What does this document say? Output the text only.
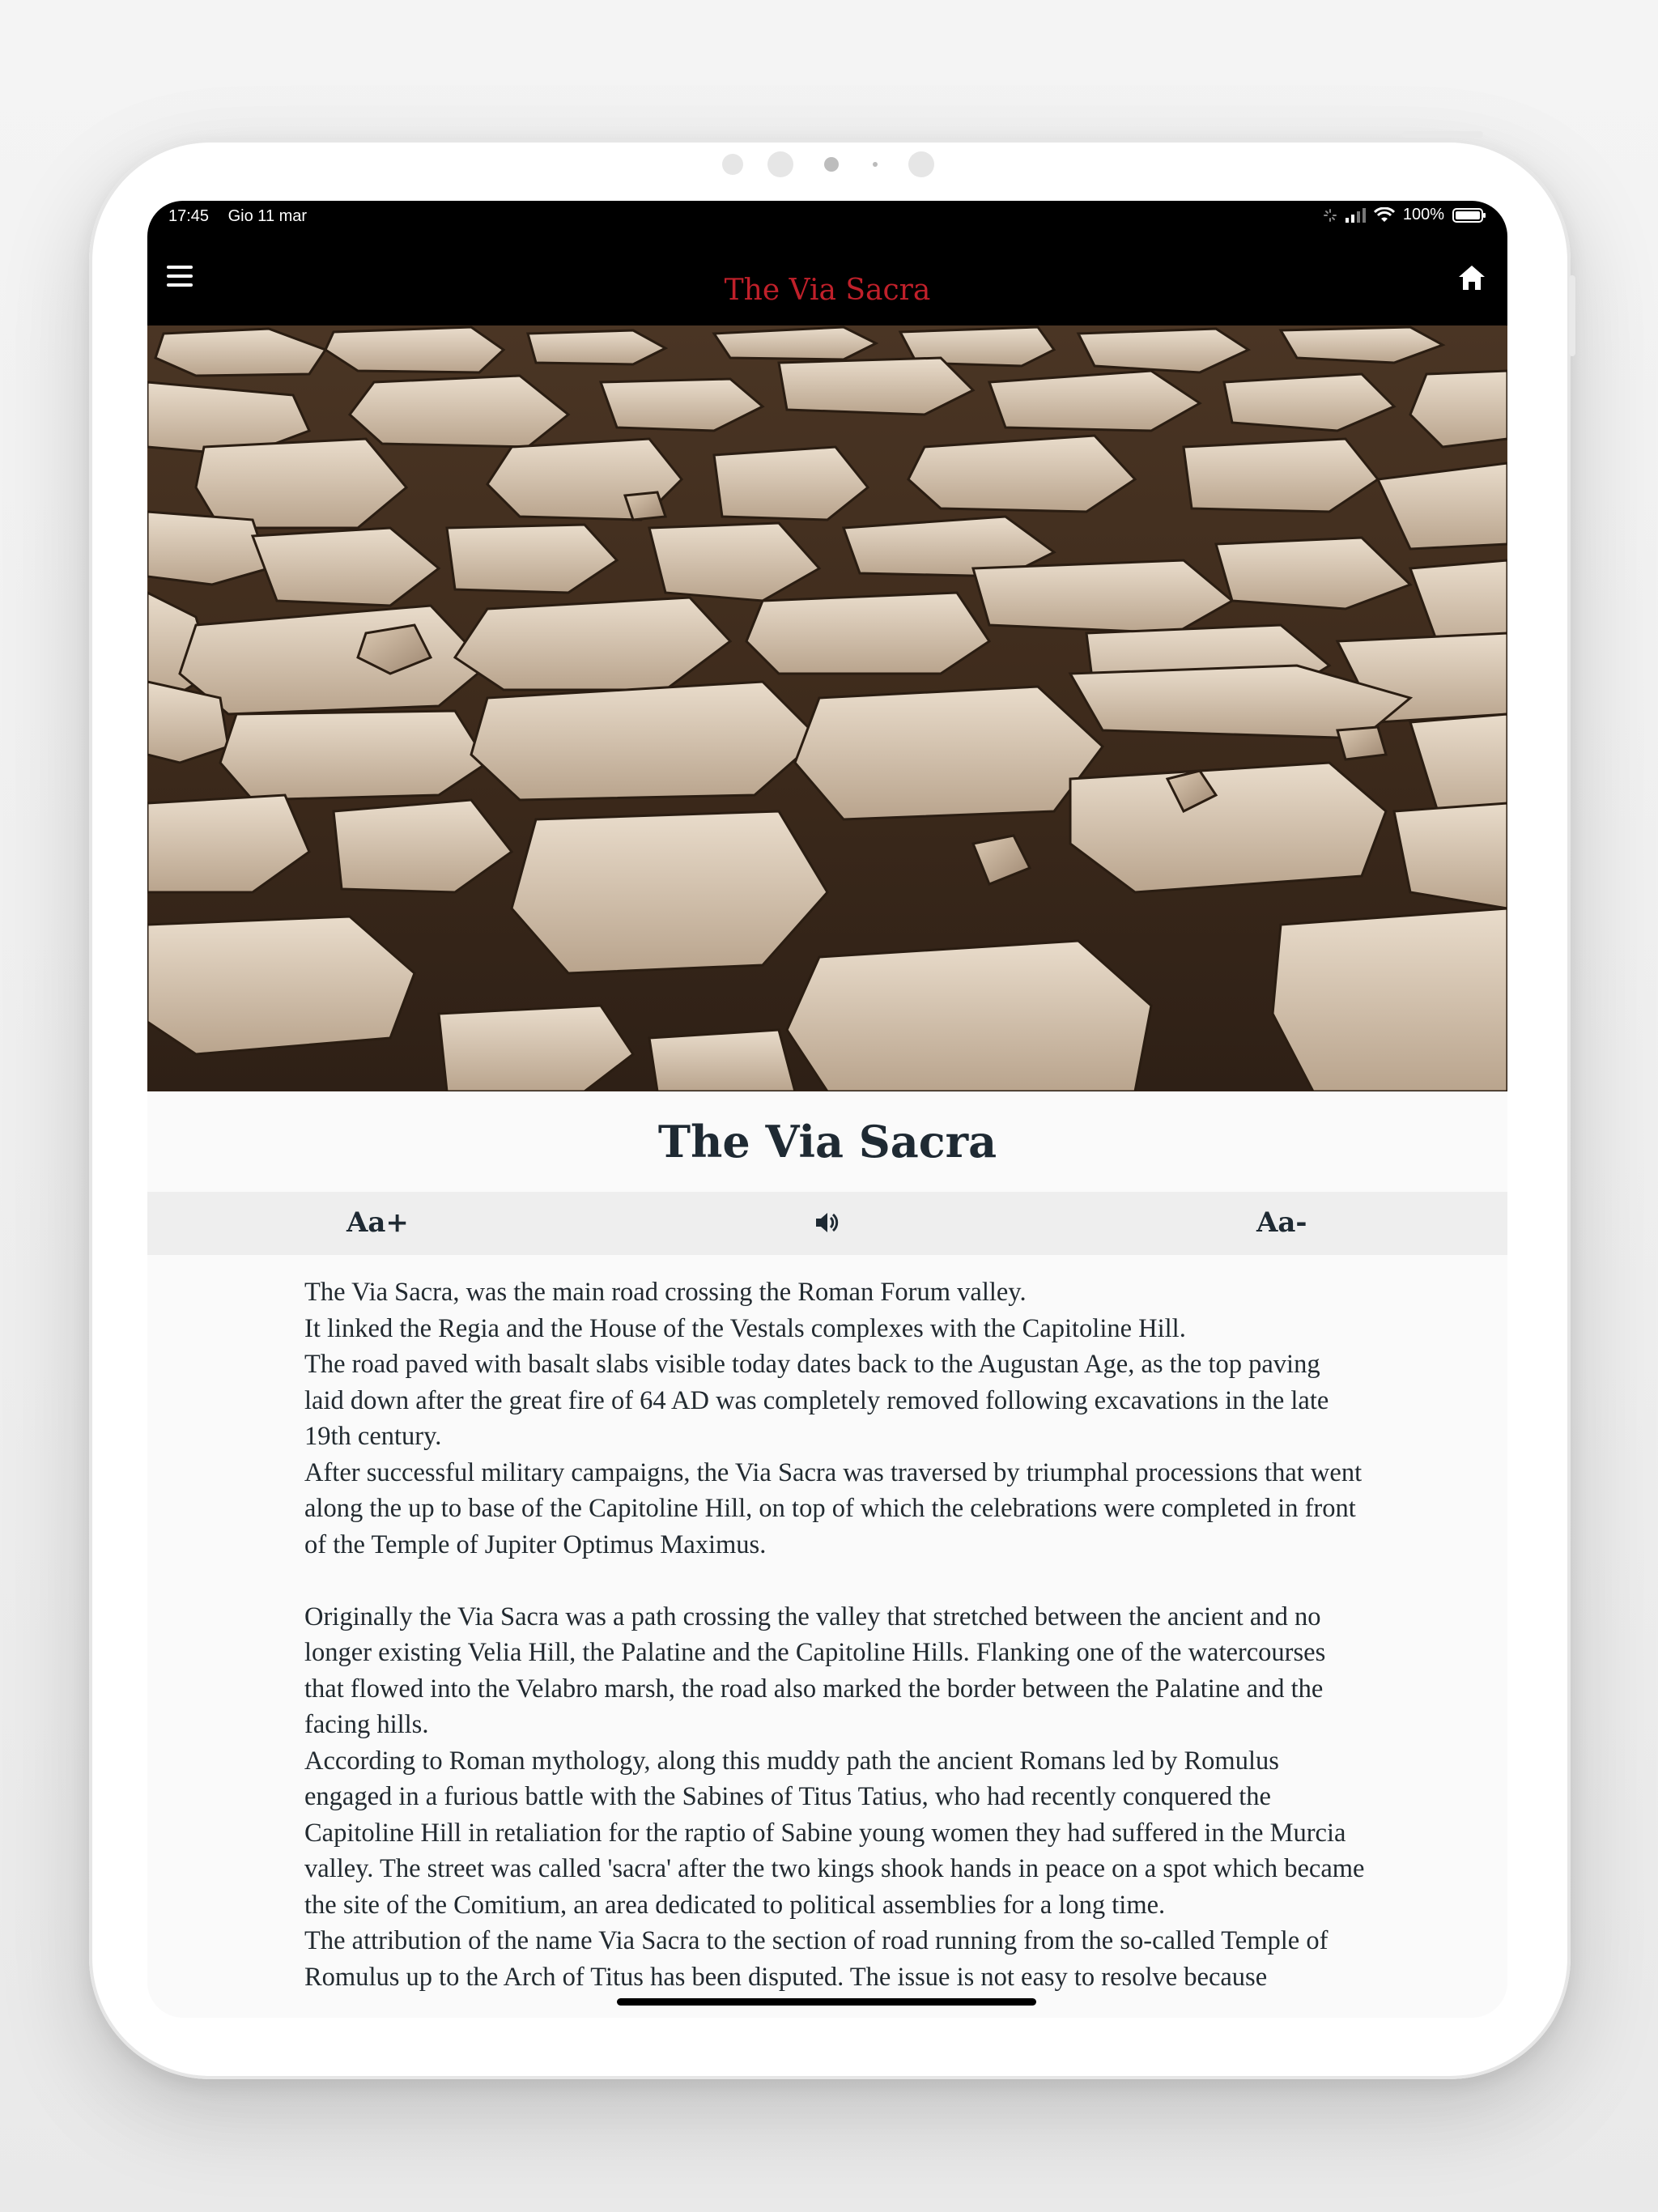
17:45 Gio 11 mar	100%
The Via Sacra
The Via Sacra
Aa+	Aa-

The Via Sacra, was the main road crossing the Roman Forum valley.

It linked the Regia and the House of the Vestals complexes with the Capitoline Hill.

The road paved with basalt slabs visible today dates back to the Augustan Age, as the top paving laid down after the great fire of 64 AD was completely removed following excavations in the late 19th century.

After successful military campaigns, the Via Sacra was traversed by triumphal processions that went along the up to base of the Capitoline Hill, on top of which the celebrations were completed in front of the Temple of Jupiter Optimus Maximus.

Originally the Via Sacra was a path crossing the valley that stretched between the ancient and no longer existing Velia Hill, the Palatine and the Capitoline Hills. Flanking one of the watercourses that flowed into the Velabro marsh, the road also marked the border between the Palatine and the facing hills.

According to Roman mythology, along this muddy path the ancient Romans led by Romulus engaged in a furious battle with the Sabines of Titus Tatius, who had recently conquered the Capitoline Hill in retaliation for the raptio of Sabine young women they had suffered in the Murcia valley. The street was called 'sacra' after the two kings shook hands in peace on a spot which became the site of the Comitium, an area dedicated to political assemblies for a long time.

The attribution of the name Via Sacra to the section of road running from the so-called Temple of Romulus up to the Arch of Titus has been disputed. The issue is not easy to resolve because
